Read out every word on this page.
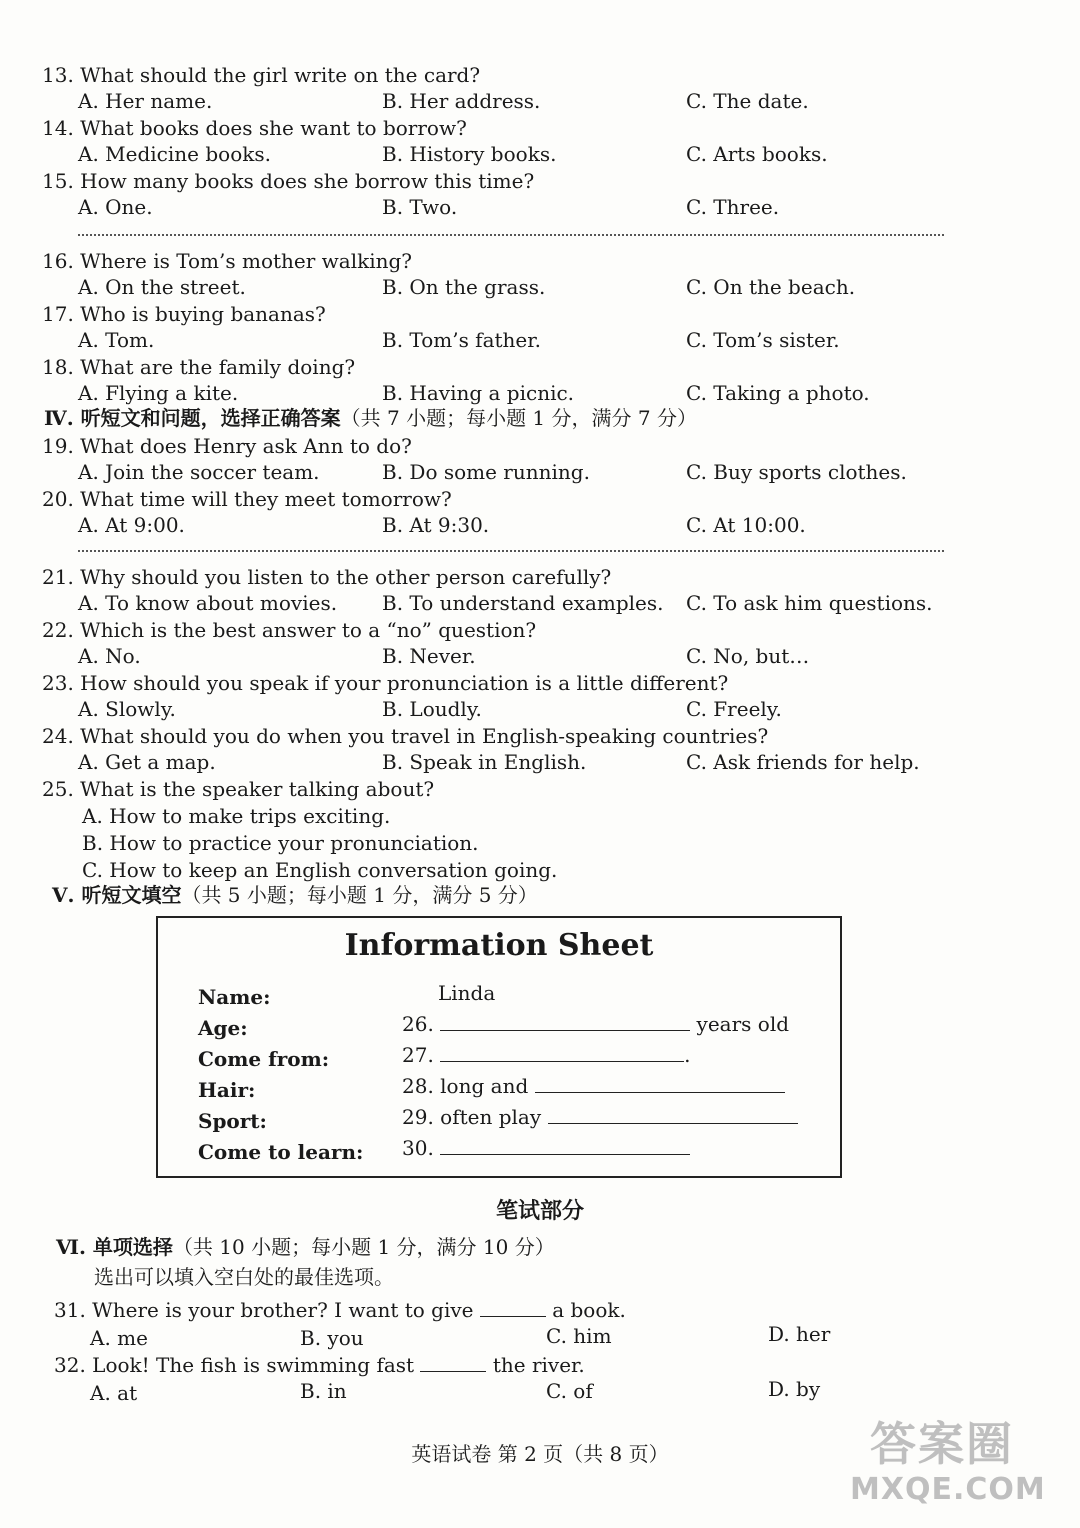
13. What should the girl write on the card?
A. Her name.	B. Her address.	C. The date.
14. What books does she want to borrow?
A. Medicine books.	B. History books.	C. Arts books.
15. How many books does she borrow this time?
A. One.	B. Two.	C. Three.
16. Where is Tom’s mother walking?
A. On the street.	B. On the grass.	C. On the beach.
17. Who is buying bananas?
A. Tom.	B. Tom’s father.	C. Tom’s sister.
18. What are the family doing?
A. Flying a kite.	B. Having a picnic.	C. Taking a photo.
Ⅳ. 听短文和问题，选择正确答案（共 7 小题；每小题 1 分，满分 7 分）
19. What does Henry ask Ann to do?
A. Join the soccer team.	B. Do some running.	C. Buy sports clothes.
20. What time will they meet tomorrow?
A. At 9:00.	B. At 9:30.	C. At 10:00.
21. Why should you listen to the other person carefully?
A. To know about movies. B. To understand examples. C. To ask him questions.
22. Which is the best answer to a “no” question?
A. No.	B. Never.	C. No, but…
23. How should you speak if your pronunciation is a little different?
A. Slowly.	B. Loudly.	C. Freely.
24. What should you do when you travel in English-speaking countries?
A. Get a map.	B. Speak in English.	C. Ask friends for help.
25. What is the speaker talking about?
A. How to make trips exciting.
B. How to practice your pronunciation.
C. How to keep an English conversation going.
Ⅴ. 听短文填空（共 5 小题；每小题 1 分，满分 5 分）
Information Sheet
Name:	Linda
Age:	26.	years old
Come from:	27.	.
Hair:	28. long and
Sport:	29. often play
Come to learn: 30.
笔试部分
Ⅵ. 单项选择（共 10 小题；每小题 1 分，满分 10 分）
选出可以填入空白处的最佳选项。
31. Where is your brother? I want to give	a book.
A. me	B. you	C. him	D. her
32. Look! The fish is swimming fast	the river.
A. at	B. in	C. of	D. by
英语试卷 第 2 页（共 8 页）	答案圈
MXQE.COM
